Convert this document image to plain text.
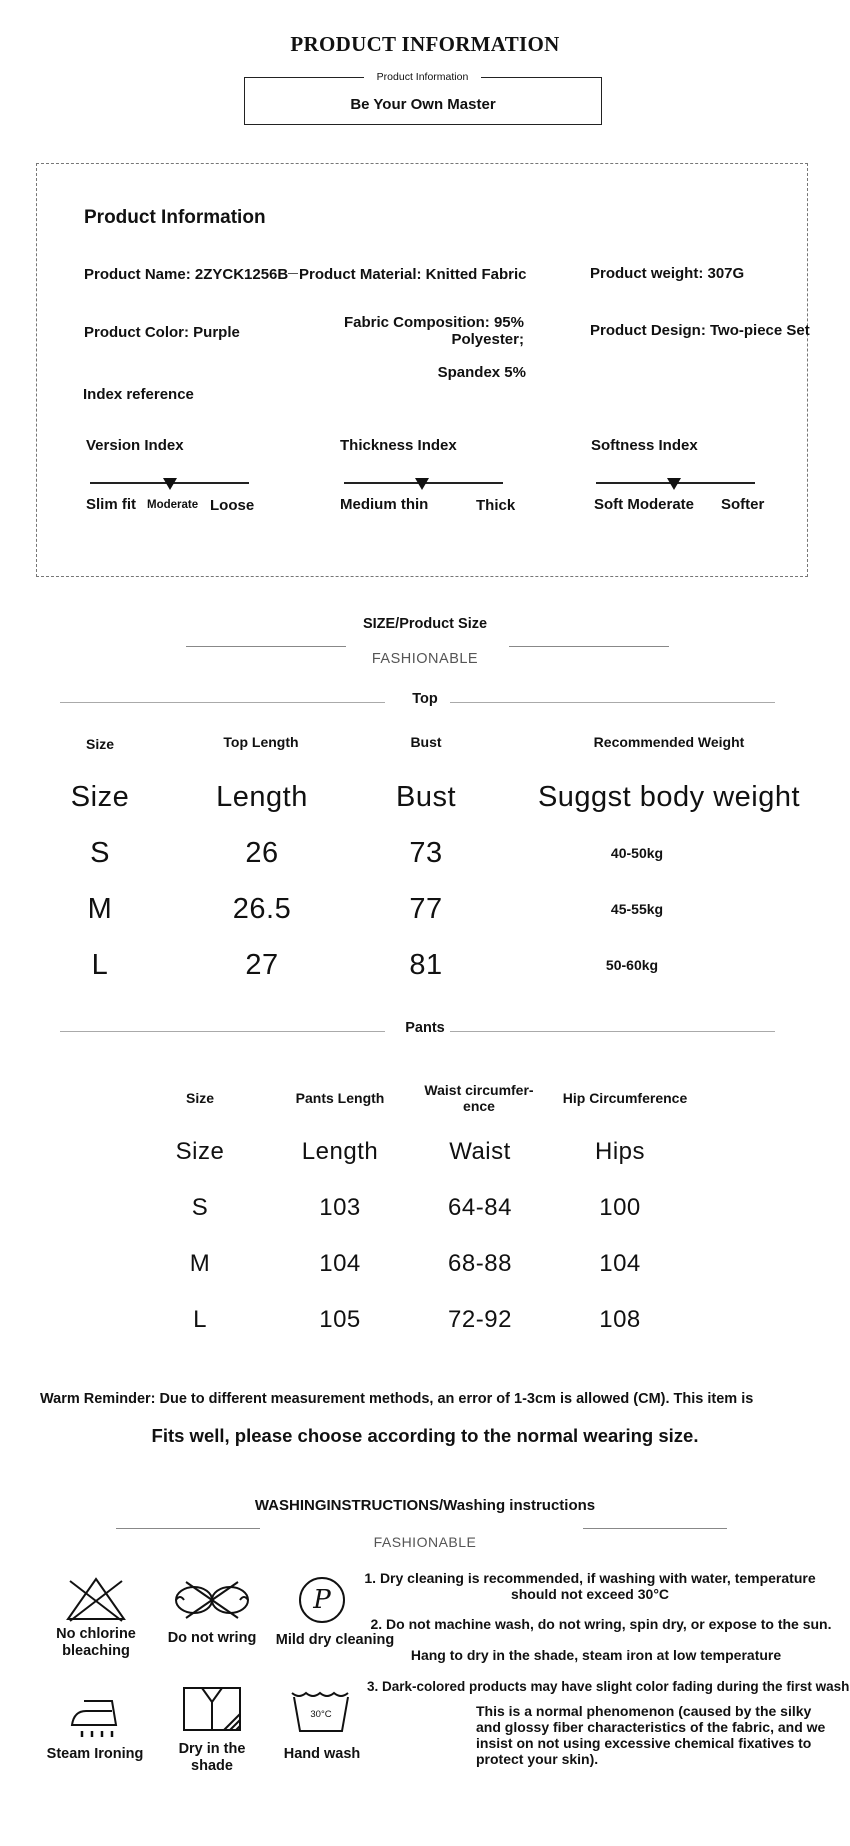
PRODUCT INFORMATION
Product Information
Be Your Own Master
Product Information
Product Name: 2ZYCK1256B Product Material: Knitted Fabric	Product weight: 307G
Product Color: Purple
Fabric Composition: 95%
Polyester;
Spandex 5%
Product Design: Two-piece Set
Index reference
Version Index
Slim fit Moderate Loose
Thickness Index
Medium thin	Thick
Softness Index
Soft Moderate Softer
SIZE/Product Size
FASHIONABLE
Top
Size	Top Length	Bust	Recommended Weight
Size	Length	Bust	Suggst body weight
S	26	73	40-50kg
M	26.5	77	45-55kg
L	27	81	50-60kg
Pants
Size	Pants Length	Waist circumfer-
ence	Hip Circumference
Size	Length	Waist	Hips
S	103	64-84	100
M	104	68-88	104
L	105	72-92	108
Warm Reminder: Due to different measurement methods, an error of 1-3cm is allowed (CM). This item is
Fits well, please choose according to the normal wearing size.
WASHINGINSTRUCTIONS/Washing instructions
FASHIONABLE
No chlorine
bleaching
Do not wring
P
Mild dry cleaning
Steam Ironing Dry in the
shade
30°C
Hand wash
1. Dry cleaning is recommended, if washing with water, temperature
should not exceed 30°C
2. Do not machine wash, do not wring, spin dry, or expose to the sun.
Hang to dry in the shade, steam iron at low temperature
3. Dark-colored products may have slight color fading during the first wash
This is a normal phenomenon (caused by the silky
and glossy fiber characteristics of the fabric, and we
insist on not using excessive chemical fixatives to
protect your skin).
